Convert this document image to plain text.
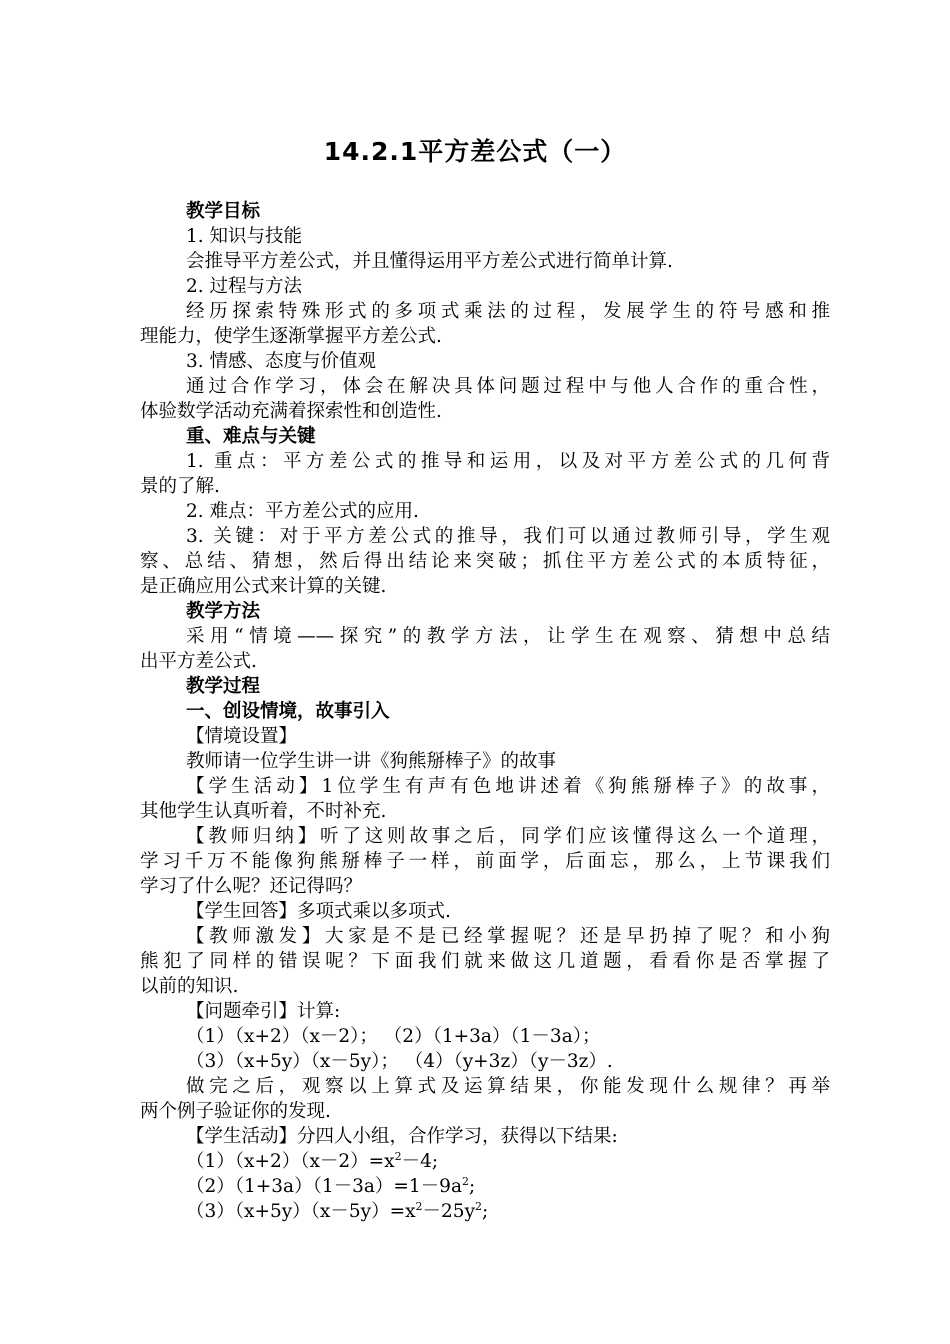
14.2.1平方差公式（一）
教学目标
1. 知识与技能
会推导平方差公式，并且懂得运用平方差公式进行简单计算.
2. 过程与方法
经历探索特殊形式的多项式乘法的过程，发展学生的符号感和推
理能力，使学生逐渐掌握平方差公式.
3. 情感、态度与价值观
通过合作学习，体会在解决具体问题过程中与他人合作的重合性，
体验数学活动充满着探索性和创造性.
重、难点与关键
1. 重点：平方差公式的推导和运用，以及对平方差公式的几何背
景的了解.
2. 难点：平方差公式的应用.
3. 关键：对于平方差公式的推导，我们可以通过教师引导，学生观
察、总结、猜想，然后得出结论来突破；抓住平方差公式的本质特征，
是正确应用公式来计算的关键.
教学方法
采用“情境——探究”的教学方法，让学生在观察、猜想中总结
出平方差公式.
教学过程
一、创设情境，故事引入
【情境设置】
教师请一位学生讲一讲《狗熊掰棒子》的故事
【学生活动】1位学生有声有色地讲述着《狗熊掰棒子》的故事，
其他学生认真听着，不时补充.
【教师归纳】听了这则故事之后，同学们应该懂得这么一个道理，
学习千万不能像狗熊掰棒子一样，前面学，后面忘，那么，上节课我们
学习了什么呢？还记得吗？
【学生回答】多项式乘以多项式.
【教师激发】大家是不是已经掌握呢？还是早扔掉了呢？和小狗
熊犯了同样的错误呢？下面我们就来做这几道题，看看你是否掌握了
以前的知识.
【问题牵引】计算:
（1）（x+2）（x－2）； （2）（1+3a）（1－3a）；
（3）（x+5y）（x－5y）； （4）（y+3z）（y－3z）.
做完之后，观察以上算式及运算结果，你能发现什么规律？再举
两个例子验证你的发现.
【学生活动】分四人小组，合作学习，获得以下结果:
$(1)(x+2)(x-2)=x^2-4$;
$(2)(1+3a)(1-3a)=1-9a^2$;
$(3)(x+5y)(x-5y)=x^2-25y^2$;
